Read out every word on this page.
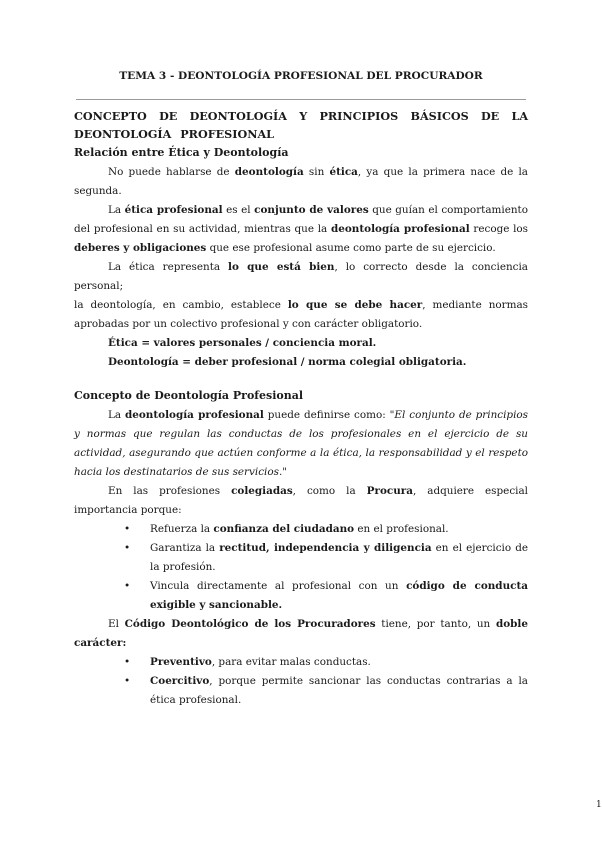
TEMA 3 - DEONTOLOGÍA PROFESIONAL DEL PROCURADOR
CONCEPTO DE DEONTOLOGÍA Y PRINCIPIOS BÁSICOS DE LA
DEONTOLOGÍA PROFESIONAL
Relación entre Ética y Deontología

No puede hablarse de deontología sin ética, ya que la primera nace de la segunda.

La ética profesional es el conjunto de valores que guían el comportamiento del profesional en su actividad, mientras que la deontología profesional recoge los deberes y obligaciones que ese profesional asume como parte de su ejercicio.

La ética representa lo que está bien, lo correcto desde la conciencia personal;

la deontología, en cambio, establece lo que se debe hacer, mediante normas aprobadas por un colectivo profesional y con carácter obligatorio.

Ética = valores personales / conciencia moral.

Deontología = deber profesional / norma colegial obligatoria.

Concepto de Deontología Profesional

La deontología profesional puede definirse como: "El conjunto de principios y normas que regulan las conductas de los profesionales en el ejercicio de su actividad, asegurando que actúen conforme a la ética, la responsabilidad y el respeto hacia los destinatarios de sus servicios."

En las profesiones colegiadas, como la Procura, adquiere especial importancia porque:

• Refuerza la confianza del ciudadano en el profesional.
• Garantiza la rectitud, independencia y diligencia en el ejercicio de la profesión.
• Vincula directamente al profesional con un código de conducta exigible y sancionable.

El Código Deontológico de los Procuradores tiene, por tanto, un doble carácter:

• Preventivo, para evitar malas conductas.
• Coercitivo, porque permite sancionar las conductas contrarias a la ética profesional.
1
